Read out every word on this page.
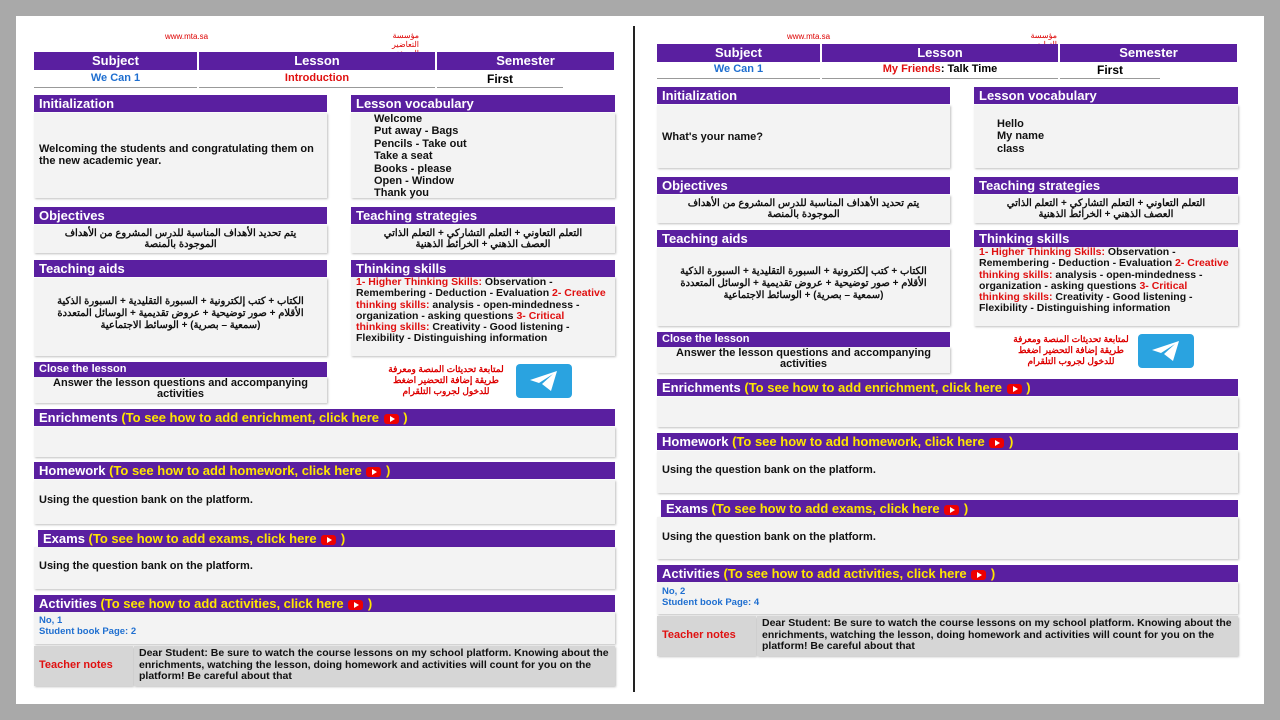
www.mta.sa	مؤسسة التعاضير
Subject	Lesson	Semester
We Can 1	Introduction	First
Initialization
Welcoming the students and congratulating them on the new academic year.
Lesson vocabulary
Welcome
Put away - Bags
Pencils - Take out
Take a seat
Books - please
Open - Window
Thank you
Objectives
يتم تحديد الأهداف المناسبة للدرس المشروع من الأهداف الموجودة بالمنصة
Teaching strategies
التعلم التعاوني + التعلم التشاركي + التعلم الذاتي العصف الذهني + الخرائط الذهنية
Teaching aids
الكتاب + كتب إلكترونية + السبورة التقليدية + السبورة الذكية الأقلام + صور توضيحية + عروض تقديمية + الوسائل المتعددة (سمعية – بصرية) + الوسائط الاجتماعية
Thinking skills
1- Higher Thinking Skills: Observation - Remembering - Deduction - Evaluation 2- Creative thinking skills: analysis - open-mindedness - organization - asking questions 3- Critical thinking skills: Creativity - Good listening - Flexibility - Distinguishing information
Close the lesson
Answer the lesson questions and accompanying activities
لمتابعة تحديثات المنصة ومعرفة طريقة إضافة التحضير اضغط للدخول لجروب التلقرام
Enrichments (To see how to add enrichment, click here )
Homework (To see how to add homework, click here )
Using the question bank on the platform.
Exams (To see how to add exams, click here )
Using the question bank on the platform.
Activities (To see how to add activities, click here )
No, 1
Student book Page: 2
Teacher notes
Dear Student: Be sure to watch the course lessons on my school platform. Knowing about the enrichments, watching the lesson, doing homework and activities will count for you on the platform! Be careful about that
www.mta.sa	مؤسسة
Subject	Lesson	Semester
We Can 1	My Friends: Talk Time	First
Initialization
What's your name?
Lesson vocabulary
Hello
My name
class
Objectives
يتم تحديد الأهداف المناسبة للدرس المشروع من الأهداف الموجودة بالمنصة
Teaching strategies
التعلم التعاوني + التعلم التشاركي + التعلم الذاتي العصف الذهني + الخرائط الذهنية
Teaching aids
الكتاب + كتب إلكترونية + السبورة التقليدية + السبورة الذكية الأقلام + صور توضيحية + عروض تقديمية + الوسائل المتعددة (سمعية – بصرية) + الوسائط الاجتماعية
Thinking skills
1- Higher Thinking Skills: Observation - Remembering - Deduction - Evaluation 2- Creative thinking skills: analysis - open-mindedness - organization - asking questions 3- Critical thinking skills: Creativity - Good listening - Flexibility - Distinguishing information
Close the lesson
Answer the lesson questions and accompanying activities
لمتابعة تحديثات المنصة ومعرفة طريقة إضافة التحضير اضغط للدخول لجروب التلقرام
Enrichments (To see how to add enrichment, click here )
Homework (To see how to add homework, click here )
Using the question bank on the platform.
Exams (To see how to add exams, click here )
Using the question bank on the platform.
Activities (To see how to add activities, click here )
No, 2
Student book Page: 4
Teacher notes
Dear Student: Be sure to watch the course lessons on my school platform. Knowing about the enrichments, watching the lesson, doing homework and activities will count for you on the platform! Be careful about that
